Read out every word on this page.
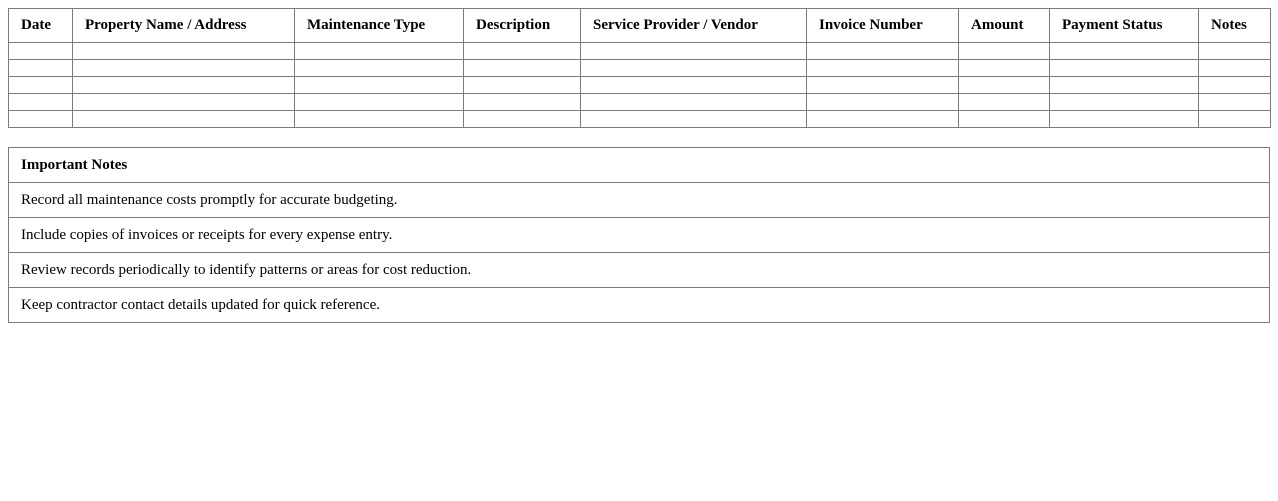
Date	Property Name / Address	Maintenance Type	Description	Service Provider / Vendor	Invoice Number	Amount	Payment Status	Notes

Important Notes
Record all maintenance costs promptly for accurate budgeting.
Include copies of invoices or receipts for every expense entry.
Review records periodically to identify patterns or areas for cost reduction.
Keep contractor contact details updated for quick reference.
